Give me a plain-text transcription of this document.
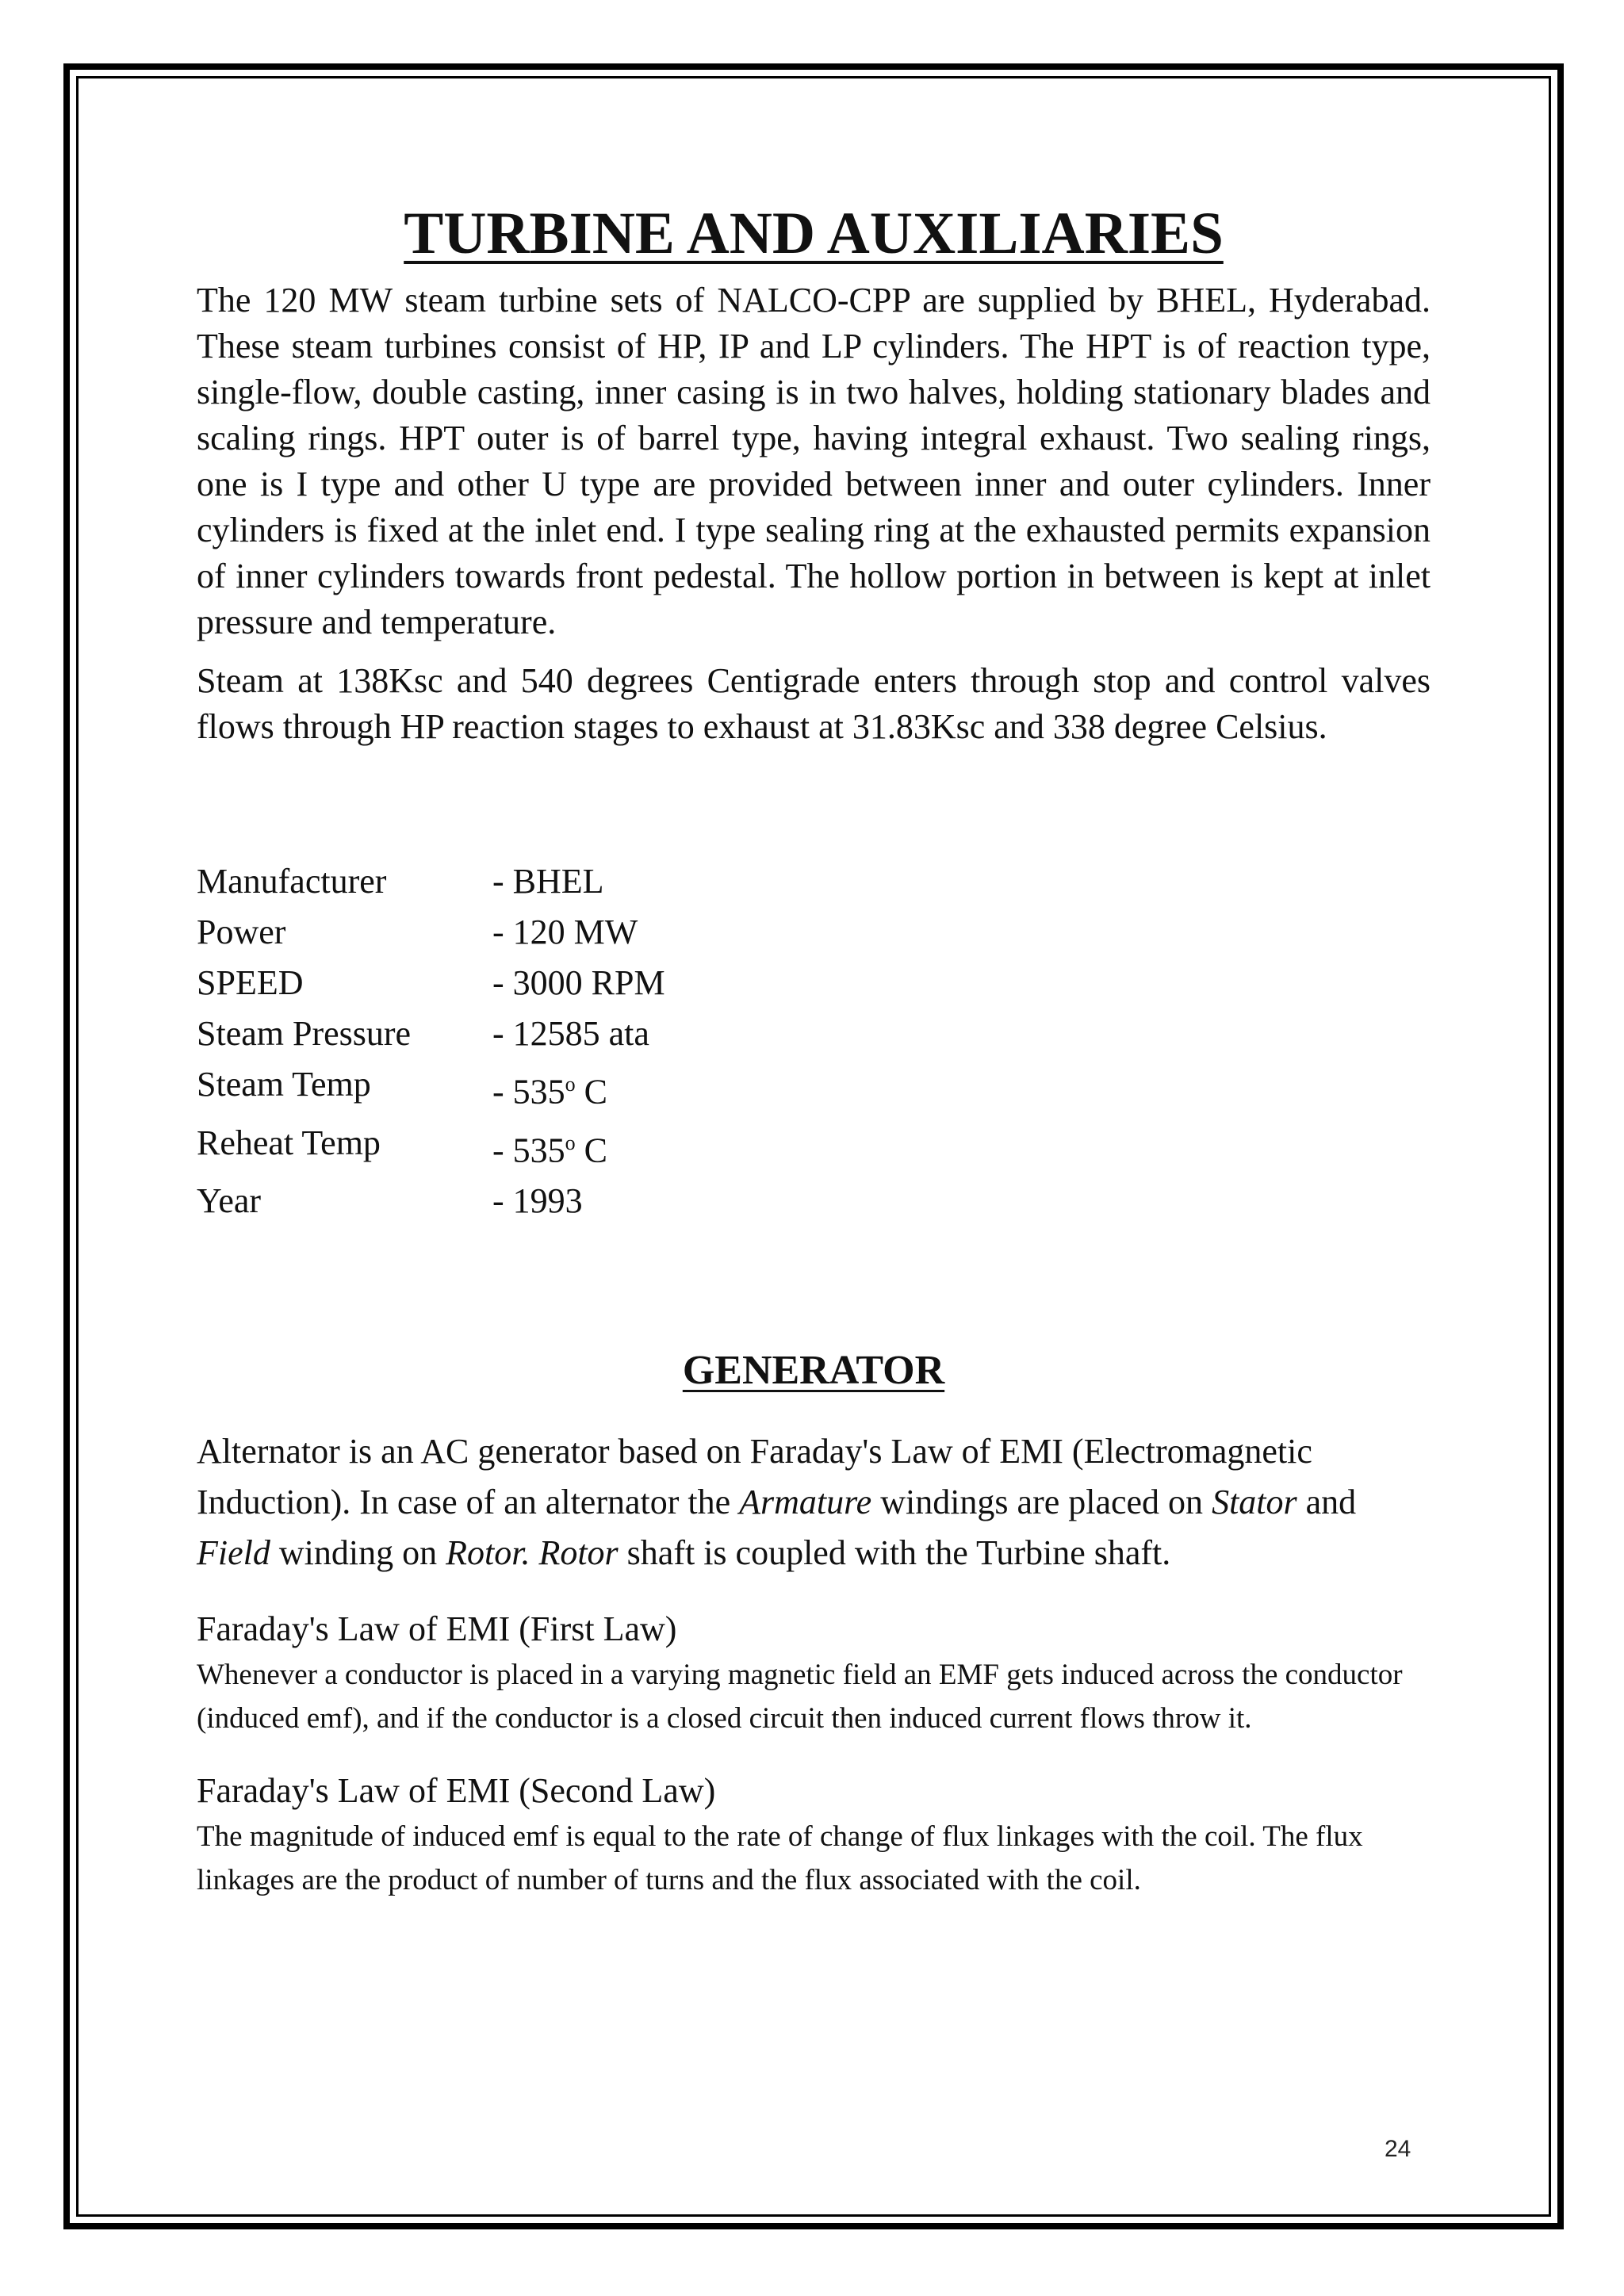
TURBINE AND AUXILIARIES

The 120 MW steam turbine sets of NALCO-CPP are supplied by BHEL, Hyderabad. These steam turbines consist of HP, IP and LP cylinders. The HPT is of reaction type, single-flow, double casting, inner casing is in two halves, holding stationary blades and scaling rings. HPT outer is of barrel type, having integral exhaust. Two sealing rings, one is I type and other U type are provided between inner and outer cylinders. Inner cylinders is fixed at the inlet end. I type sealing ring at the exhausted permits expansion of inner cylinders towards front pedestal. The hollow portion in between is kept at inlet pressure and temperature.

Steam at 138Ksc and 540 degrees Centigrade enters through stop and control valves flows through HP reaction stages to exhaust at 31.83Ksc and 338 degree Celsius.

Manufacturer	- BHEL
Power	- 120 MW
SPEED	- 3000 RPM
Steam Pressure	- 12585 ata
Steam Temp	- 535$^o$ C
Reheat Temp	- 535$^o$ C
Year	- 1993
GENERATOR

Alternator is an AC generator based on Faraday's Law of EMI (Electromagnetic Induction). In case of an alternator the Armature windings are placed on Stator and Field winding on Rotor. Rotor shaft is coupled with the Turbine shaft.

Faraday's Law of EMI (First Law)

Whenever a conductor is placed in a varying magnetic field an EMF gets induced across the conductor (induced emf), and if the conductor is a closed circuit then induced current flows throw it.

Faraday's Law of EMI (Second Law)

The magnitude of induced emf is equal to the rate of change of flux linkages with the coil. The flux linkages are the product of number of turns and the flux associated with the coil.

24
